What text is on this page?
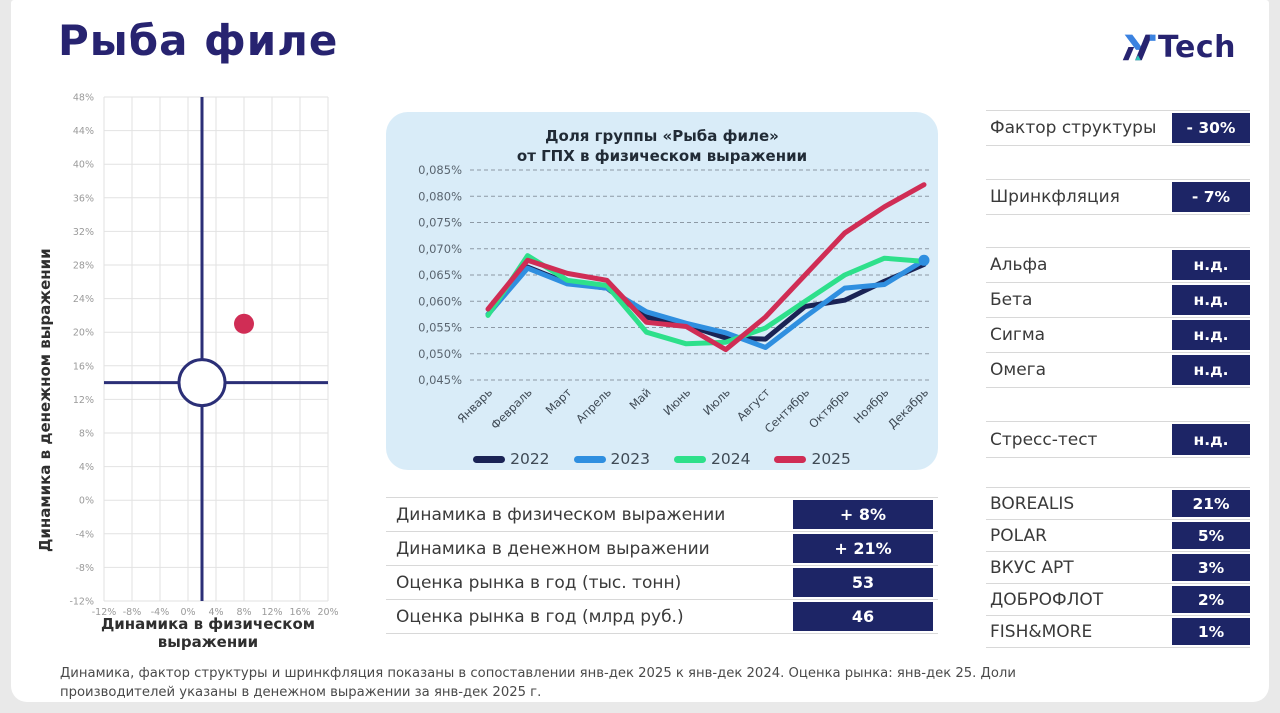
Рыба филе	Tech
Динамика в денежном выражении
-12% -8% -4% 0% 4% 8% 12% 16% 20%
-12%
-8%
-4%
0%
4%
8%
12%
16%
20%
24%
28%
32%
36%
40%
44%
48%
Динамика в физическом выражении
Доля группы «Рыба филе»
от ГПХ в физическом выражении
0,085%
0,080%
0,075%
0,070%
0,065%
0,060%
0,055%
0,050%
0,045%
Январь
Февраль Март
Апрель Май Июнь Июль Август
Сентябрь
Октябрь
Ноябрь
Декабрь
2022	2023	2024	2025
Динамика в физическом выражении	+ 8%
Динамика в денежном выражении	+ 21%
Оценка рынка в год (тыс. тонн)	53
Оценка рынка в год (млрд руб.)	46
Фактор структуры	- 30%
Шринкфляция	- 7%
Альфа	н.д.
Бета	н.д.
Сигма	н.д.
Омега	н.д.
Стресс-тест	н.д.
BOREALIS	21%
POLAR	5%
ВКУС АРТ	3%
ДОБРОФЛОТ	2%
FISH&MORE	1%
Динамика, фактор структуры и шринкфляция показаны в сопоставлении янв-дек 2025 к янв-дек 2024. Оценка рынка: янв-дек 25. Доли производителей указаны в денежном выражении за янв-дек 2025 г.
